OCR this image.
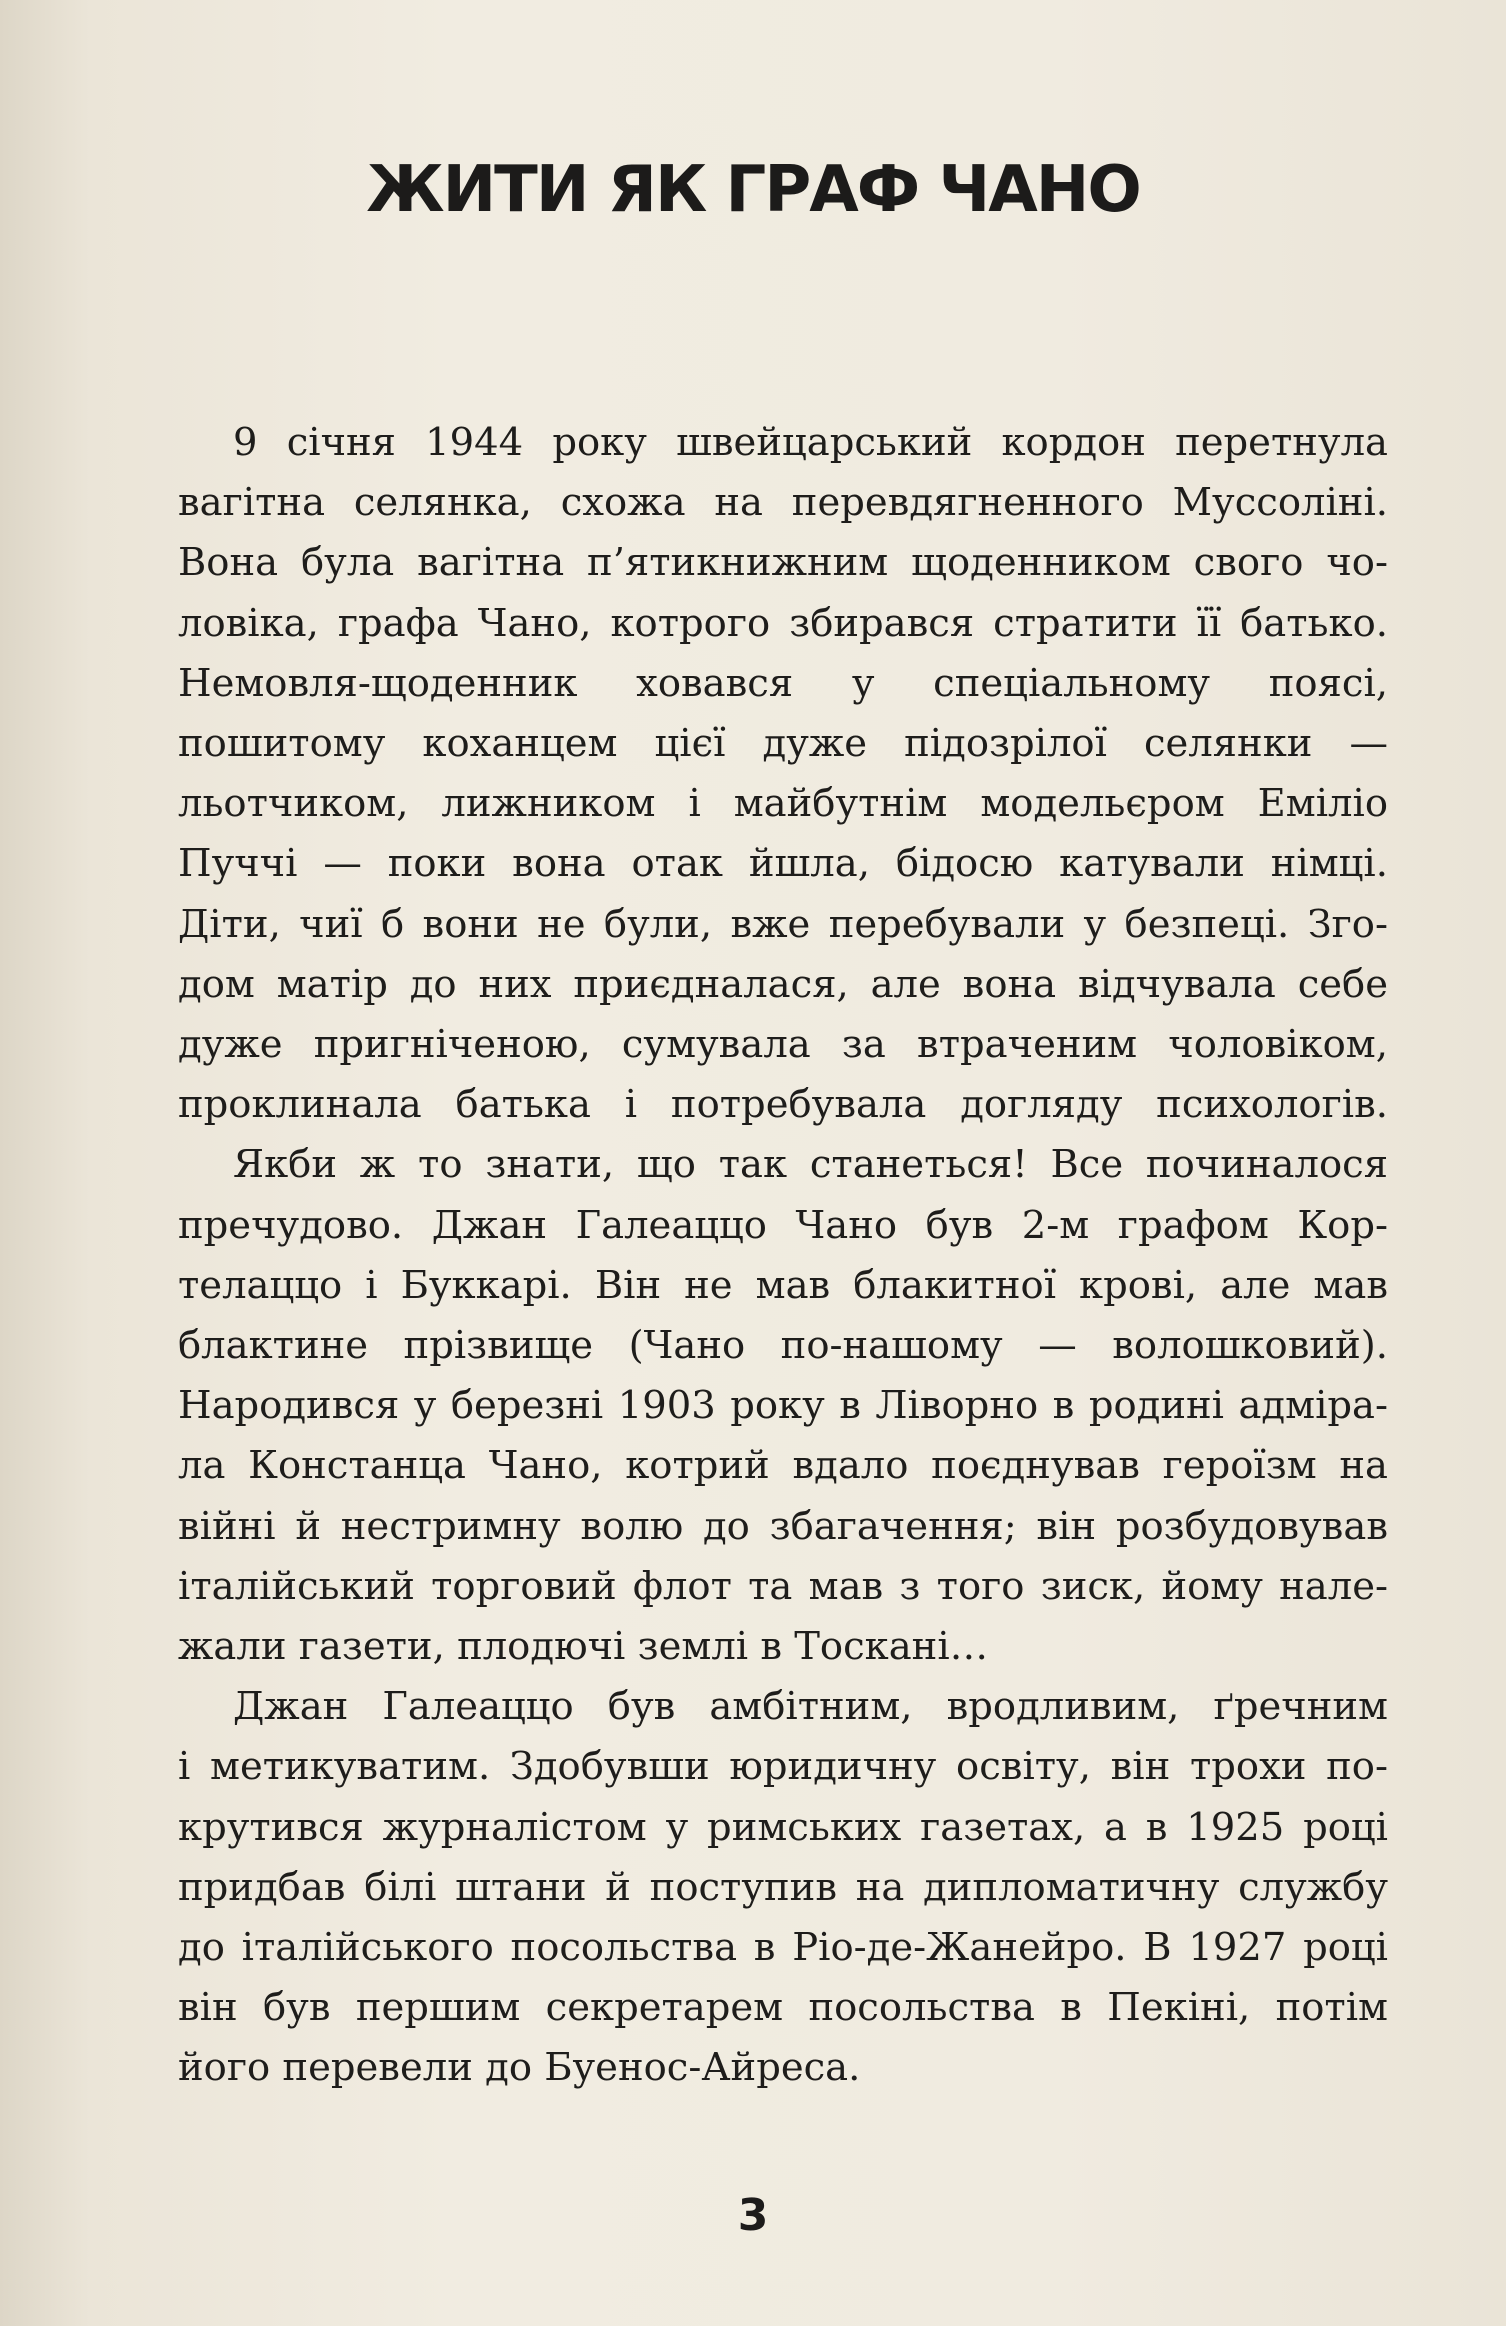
ЖИТИ ЯК ГРАФ ЧАНО
9 січня 1944 року швейцарський кордон перетнула
вагітна селянка, схожа на перевдягненного Муссоліні.
Вона була вагітна п’ятикнижним щоденником свого чо-
ловіка, графа Чано, котрого збирався стратити її батько.
Немовля-щоденник ховався у спеціальному поясі,
пошитому коханцем цієї дуже підозрілої селянки —
льотчиком, лижником і майбутнім модельєром Еміліо
Пуччі — поки вона отак йшла, бідосю катували німці.
Діти, чиї б вони не були, вже перебували у безпеці. Зго-
дом матір до них приєдналася, але вона відчувала себе
дуже пригніченою, сумувала за втраченим чоловіком,
проклинала батька і потребувала догляду психологів.
Якби ж то знати, що так станеться! Все починалося
пречудово. Джан Галеаццо Чано був 2-м графом Кор-
телаццо і Буккарі. Він не мав блакитної крові, але мав
блактине прізвище (Чано по-нашому — волошковий).
Народився у березні 1903 року в Ліворно в родині адміра-
ла Констанца Чано, котрий вдало поєднував героїзм на
війні й нестримну волю до збагачення; він розбудовував
італійський торговий флот та мав з того зиск, йому нале-
жали газети, плодючі землі в Тоскані…
Джан Галеаццо був амбітним, вродливим, ґречним
і метикуватим. Здобувши юридичну освіту, він трохи по-
крутився журналістом у римських газетах, а в 1925 році
придбав білі штани й поступив на дипломатичну службу
до італійського посольства в Ріо-де-Жанейро. В 1927 році
він був першим секретарем посольства в Пекіні, потім
його перевели до Буенос-Айреса.
3
